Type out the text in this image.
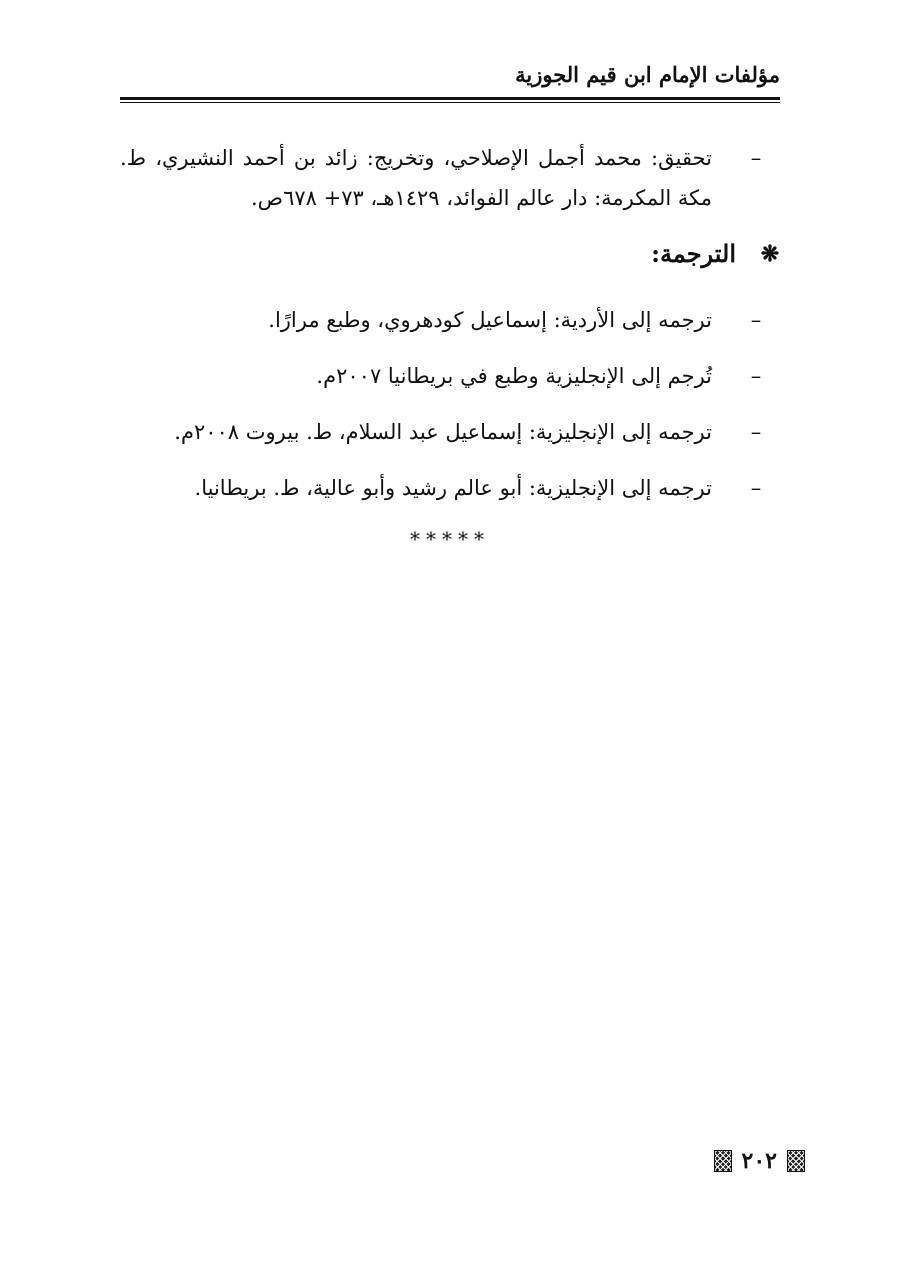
مؤلفات الإمام ابن قيم الجوزية
–
تحقيق: محمد أجمل الإصلاحي، وتخريج: زائد بن أحمد النشيري، ط. مكة المكرمة: دار عالم الفوائد، ١٤٢٩هـ، ٧٣+ ٦٧٨ص.
❋
الترجمة:
–
ترجمه إلى الأردية: إسماعيل كودهروي، وطبع مرارًا.
–
تُرجم إلى الإنجليزية وطبع في بريطانيا ٢٠٠٧م.
–
ترجمه إلى الإنجليزية: إسماعيل عبد السلام، ط. بيروت ٢٠٠٨م.
–
ترجمه إلى الإنجليزية: أبو عالم رشيد وأبو عالية، ط. بريطانيا.
*****
٢٠٢
